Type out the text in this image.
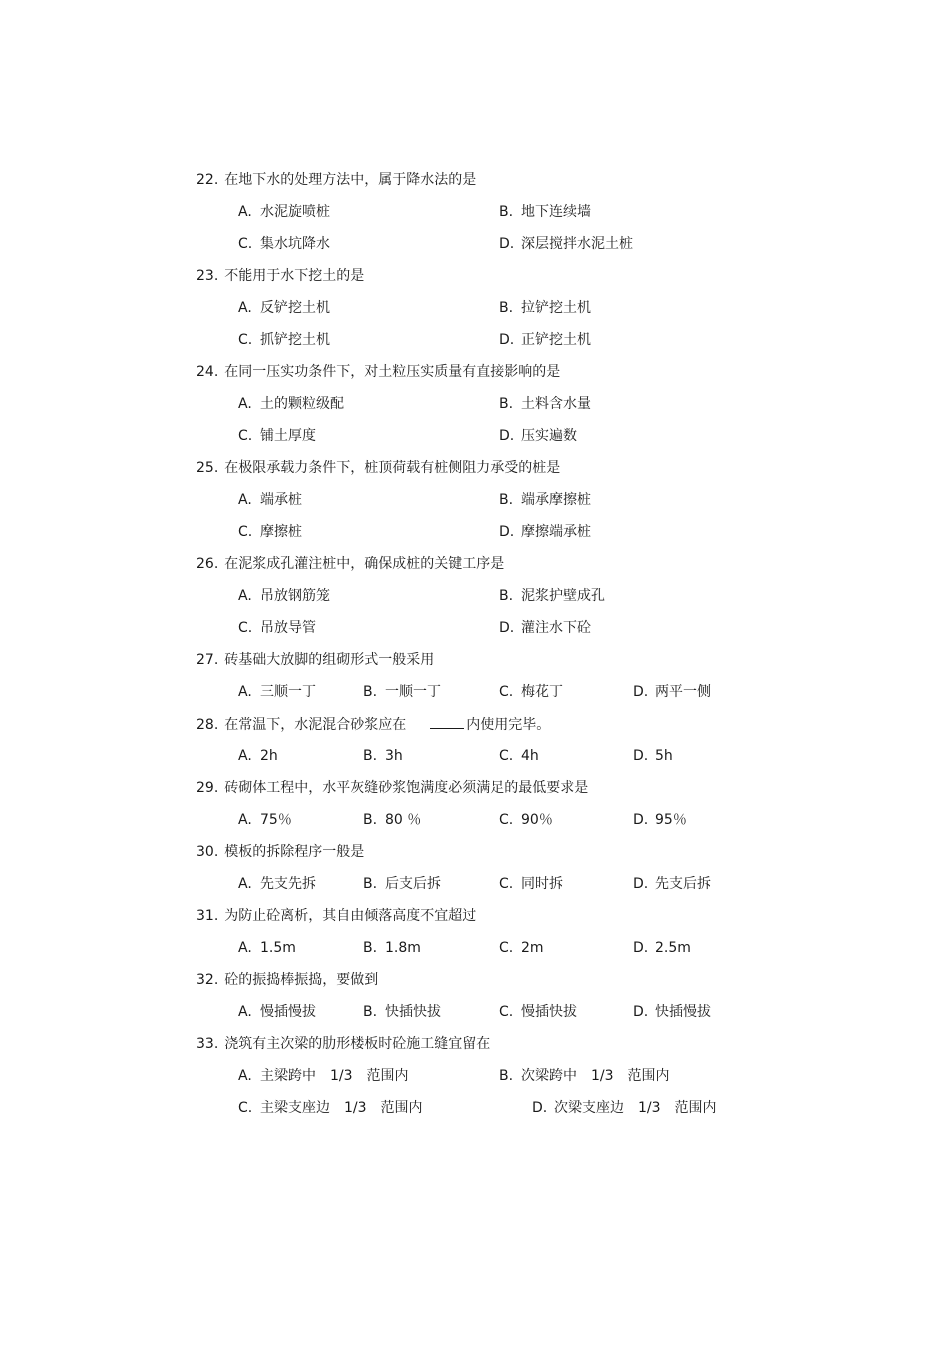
22. 在地下水的处理方法中，属于降水法的是
A. 水泥旋喷桩	B. 地下连续墙
C. 集水坑降水	D. 深层搅拌水泥土桩
23. 不能用于水下挖土的是
A. 反铲挖土机	B. 拉铲挖土机
C. 抓铲挖土机	D. 正铲挖土机
24. 在同一压实功条件下，对土粒压实质量有直接影响的是
A. 土的颗粒级配	B. 土料含水量
C. 铺土厚度	D. 压实遍数
25. 在极限承载力条件下，桩顶荷载有桩侧阻力承受的桩是
A. 端承桩	B. 端承摩擦桩
C. 摩擦桩	D. 摩擦端承桩
26. 在泥浆成孔灌注桩中，确保成桩的关键工序是
A. 吊放钢筋笼	B. 泥浆护壁成孔
C. 吊放导管	D. 灌注水下砼
27. 砖基础大放脚的组砌形式一般采用
A. 三顺一丁	B. 一顺一丁	C. 梅花丁	D. 两平一侧
28. 在常温下，水泥混合砂浆应在	内使用完毕。
A. 2h	B. 3h	C. 4h	D. 5h
29. 砖砌体工程中，水平灰缝砂浆饱满度必须满足的最低要求是
A. 75％	B. 80 ％	C. 90％	D. 95％
30. 模板的拆除程序一般是
A. 先支先拆	B. 后支后拆	C. 同时拆	D. 先支后拆
31. 为防止砼离析，其自由倾落高度不宜超过
A. 1.5m	B. 1.8m	C. 2m	D. 2.5m
32. 砼的振捣棒振捣，要做到
A. 慢插慢拔	B. 快插快拔	C. 慢插快拔	D. 快插慢拔
33. 浇筑有主次梁的肋形楼板时砼施工缝宜留在
A. 主梁跨中　1/3　范围内	B. 次梁跨中　1/3　范围内
C. 主梁支座边　1/3　范围内	D. 次梁支座边　1/3　范围内
